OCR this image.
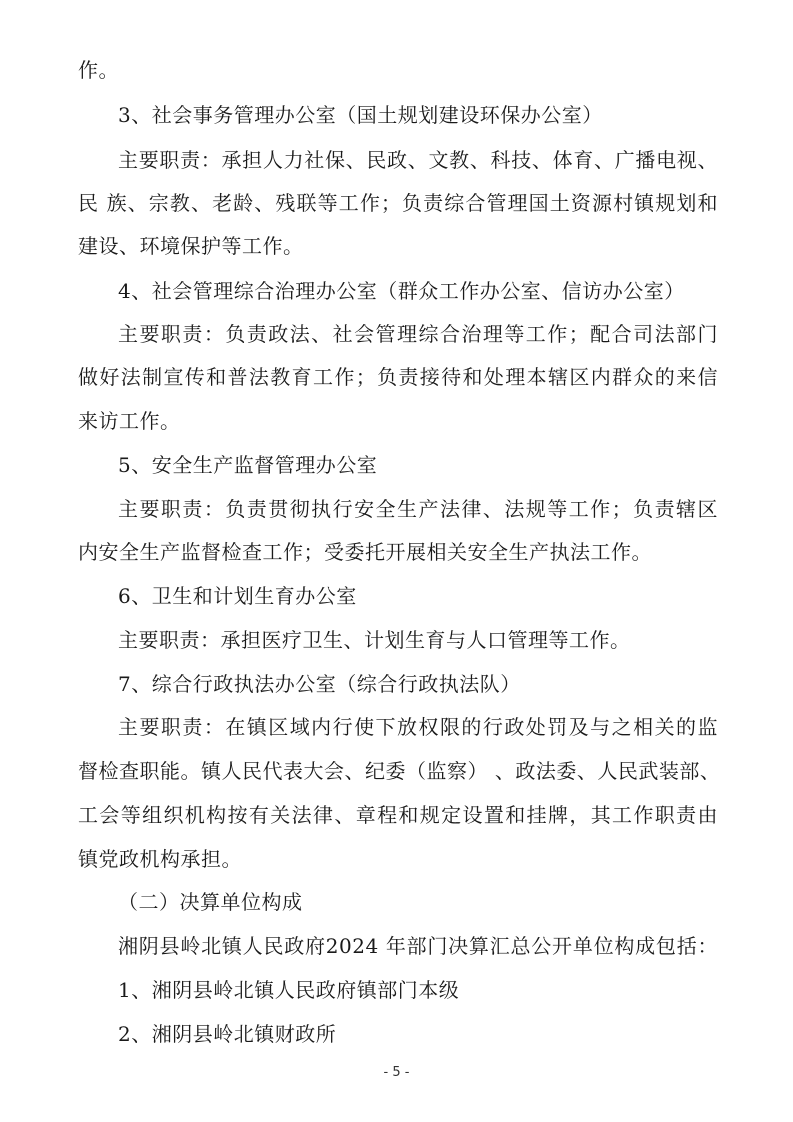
作。
3、社会事务管理办公室（国土规划建设环保办公室）
主要职责：承担人力社保、民政、文教、科技、体育、广播电视、
民 族、宗教、老龄、残联等工作；负责综合管理国土资源村镇规划和
建设、环境保护等工作。
4、社会管理综合治理办公室（群众工作办公室、信访办公室）
主要职责：负责政法、社会管理综合治理等工作；配合司法部门
做好法制宣传和普法教育工作；负责接待和处理本辖区内群众的来信
来访工作。
5、安全生产监督管理办公室
主要职责：负责贯彻执行安全生产法律、法规等工作；负责辖区
内安全生产监督检查工作；受委托开展相关安全生产执法工作。
6、卫生和计划生育办公室
主要职责：承担医疗卫生、计划生育与人口管理等工作。
7、综合行政执法办公室（综合行政执法队）
主要职责：在镇区域内行使下放权限的行政处罚及与之相关的监
督检查职能。镇人民代表大会、纪委（监察） 、政法委、人民武装部、
工会等组织机构按有关法律、章程和规定设置和挂牌，其工作职责由
镇党政机构承担。
（二）决算单位构成
湘阴县岭北镇人民政府2024 年部门决算汇总公开单位构成包括：
1、湘阴县岭北镇人民政府镇部门本级
2、湘阴县岭北镇财政所
- 5 -
